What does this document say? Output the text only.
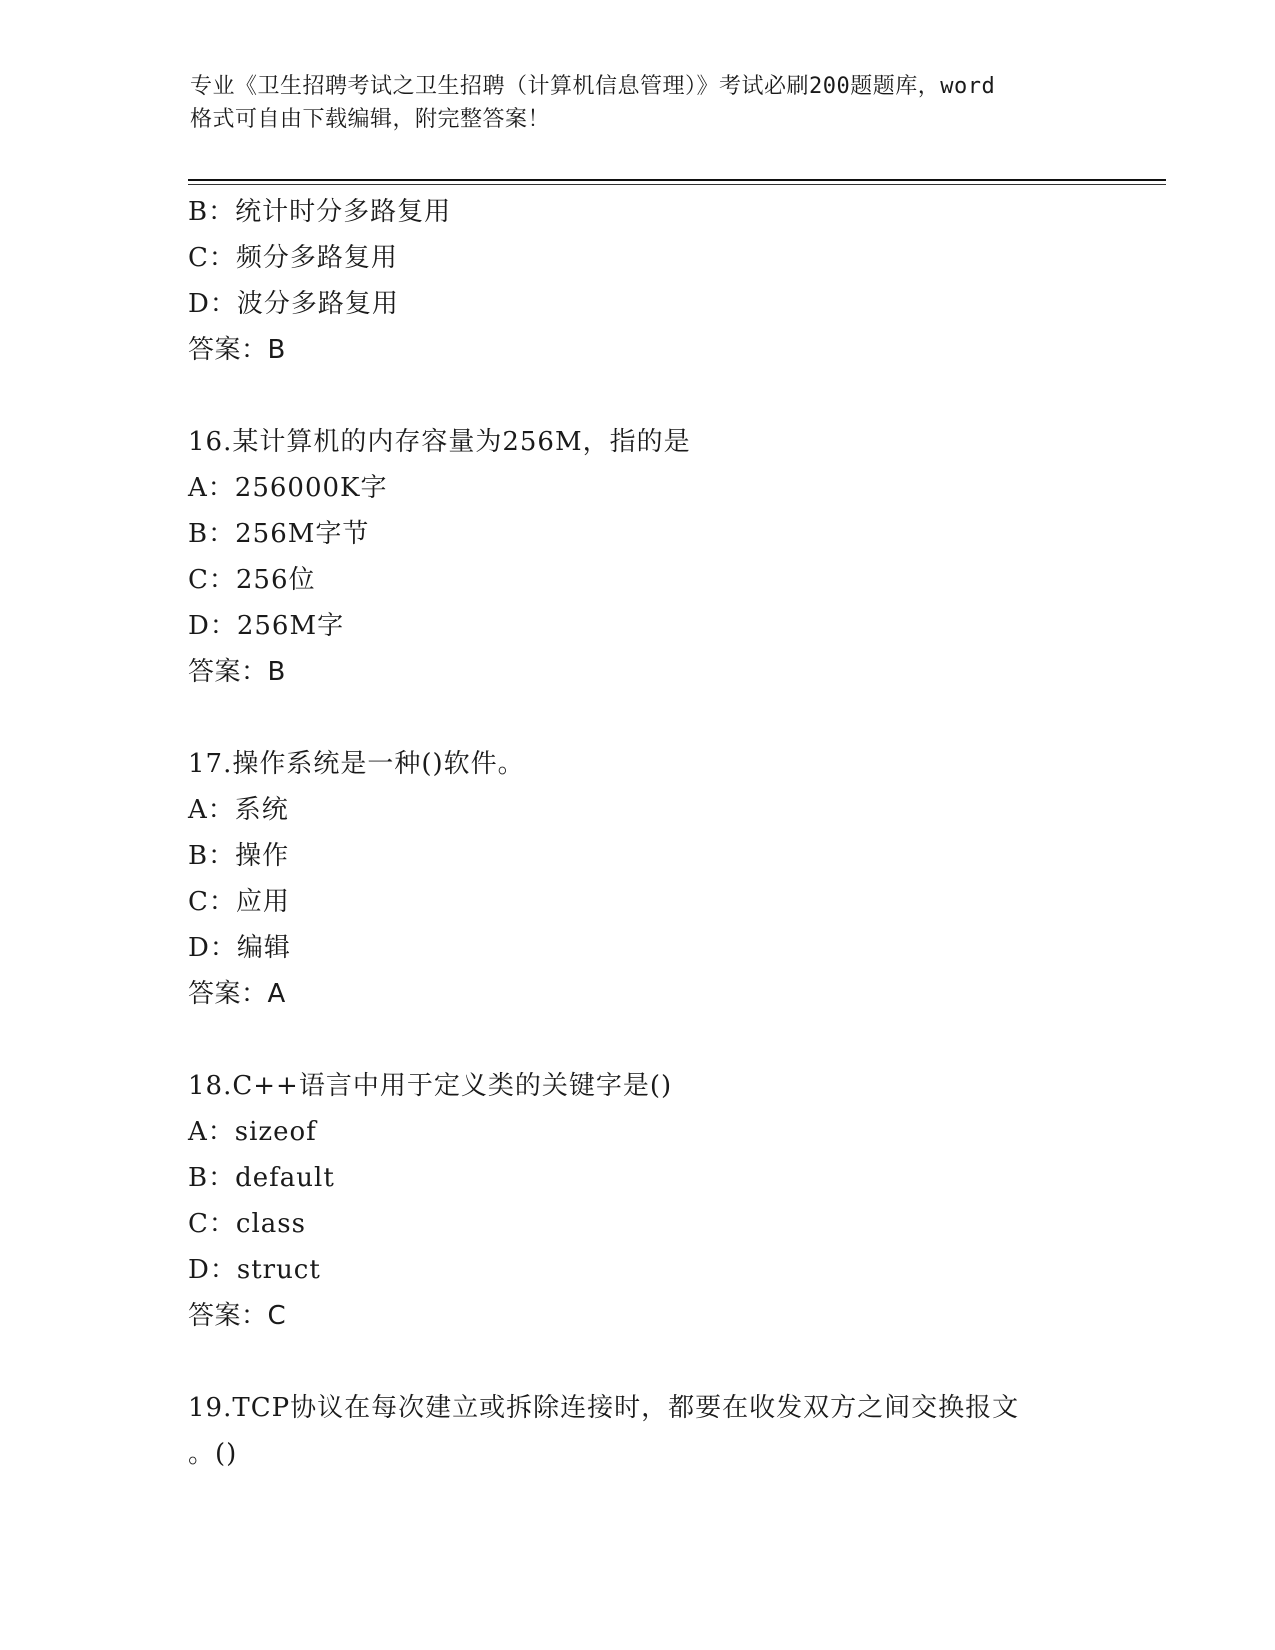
专业《卫生招聘考试之卫生招聘（计算机信息管理）》考试必刷200题题库，word

格式可自由下载编辑，附完整答案！

B：统计时分多路复用
C：频分多路复用
D：波分多路复用
答案：B
16.某计算机的内存容量为256M，指的是
A：256000K字
B：256M字节
C：256位
D：256M字
答案：B
17.操作系统是一种()软件。
A：系统
B：操作
C：应用
D：编辑
答案：A
18.C++语言中用于定义类的关键字是()
A：sizeof
B：default
C：class
D：struct
答案：C
19.TCP协议在每次建立或拆除连接时，都要在收发双方之间交换报文
。()
